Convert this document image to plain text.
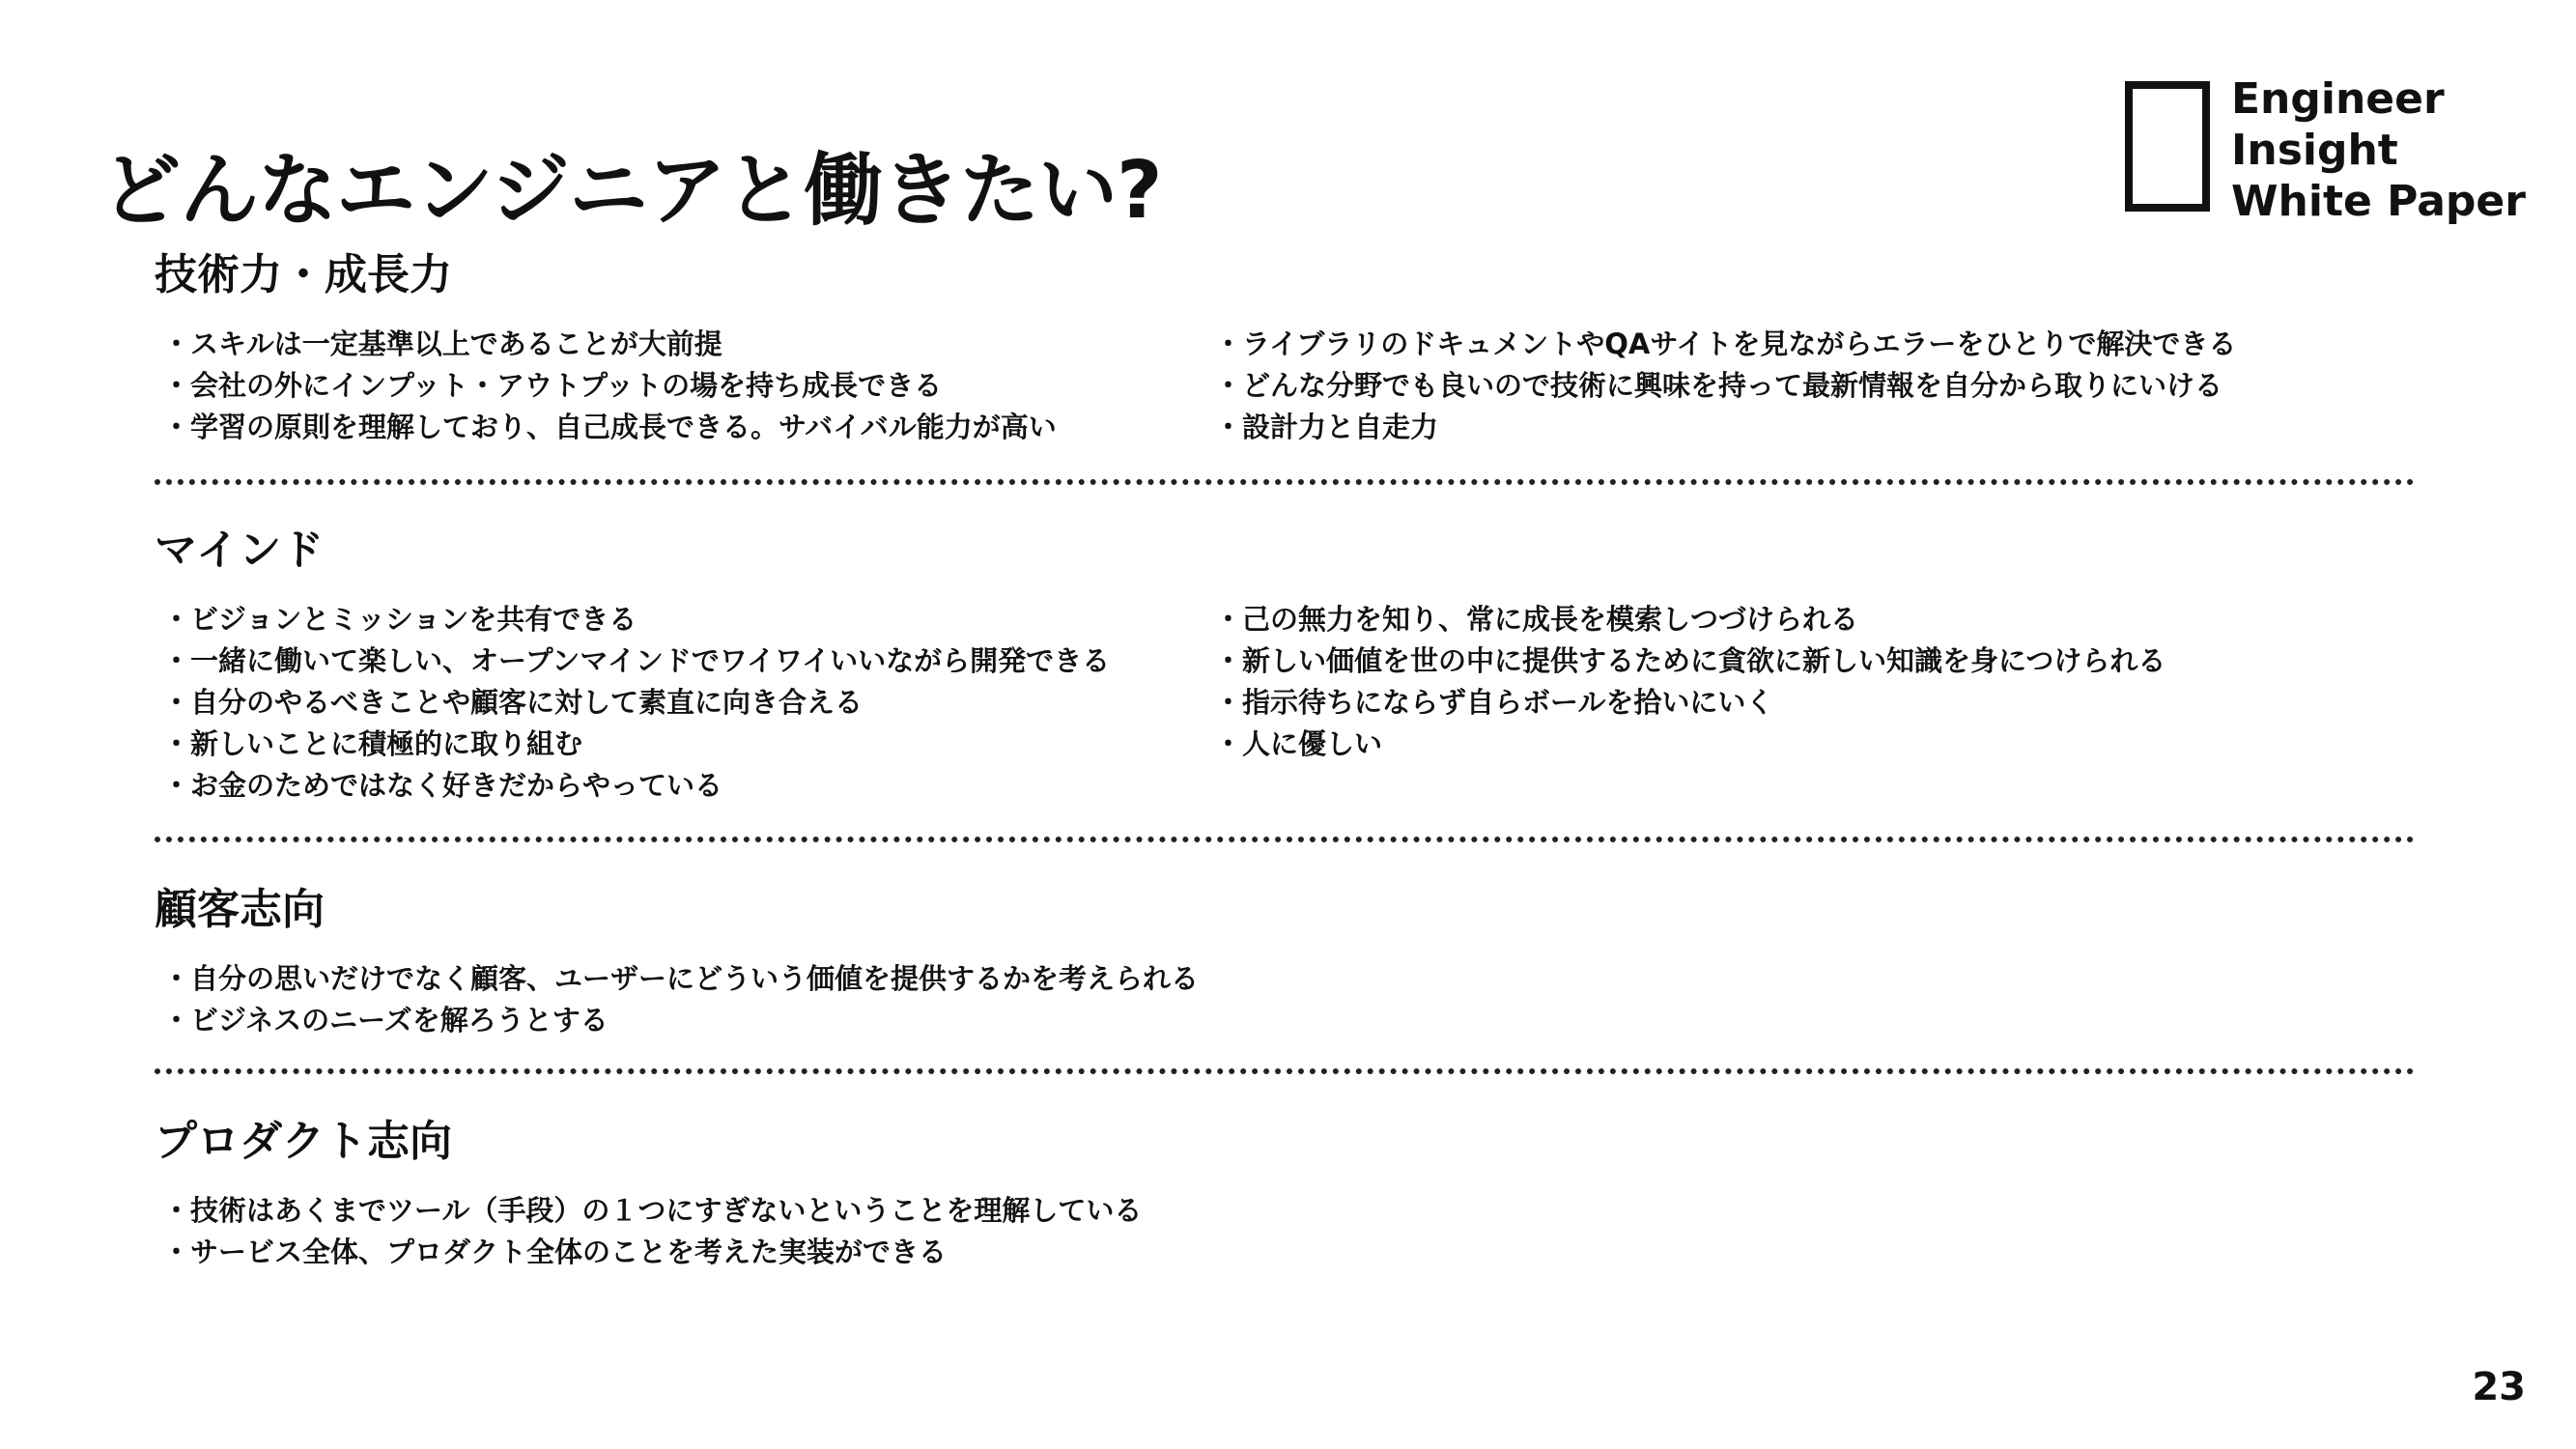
どんなエンジニアと働きたい?
Engineer
Insight
White Paper
技術力・成長力
・ スキルは一定基準以上であることが大前提
・ 会社の外にインプット・アウトプットの場を持ち成長できる
・ 学習の原則を理解しており、自己成長できる。サバイバル能力が高い
・ ライブラリのドキュメントやQAサイトを見ながらエラーをひとりで解決できる
・ どんな分野でも良いので技術に興味を持って最新情報を自分から取りにいける
・ 設計力と自走力
マインド
・ ビジョンとミッションを共有できる
・ 一緒に働いて楽しい、オープンマインドでワイワイいいながら開発できる
・ 自分のやるべきことや顧客に対して素直に向き合える
・ 新しいことに積極的に取り組む
・ お金のためではなく好きだからやっている
・ 己の無力を知り、常に成長を模索しつづけられる
・ 新しい価値を世の中に提供するために貪欲に新しい知識を身につけられる
・ 指示待ちにならず自らボールを拾いにいく
・ 人に優しい
顧客志向
・ 自分の思いだけでなく顧客、ユーザーにどういう価値を提供するかを考えられる
・ ビジネスのニーズを解ろうとする
プロダクト志向
・ 技術はあくまでツール（手段）の１つにすぎないということを理解している
・ サービス全体、プロダクト全体のことを考えた実装ができる
23
